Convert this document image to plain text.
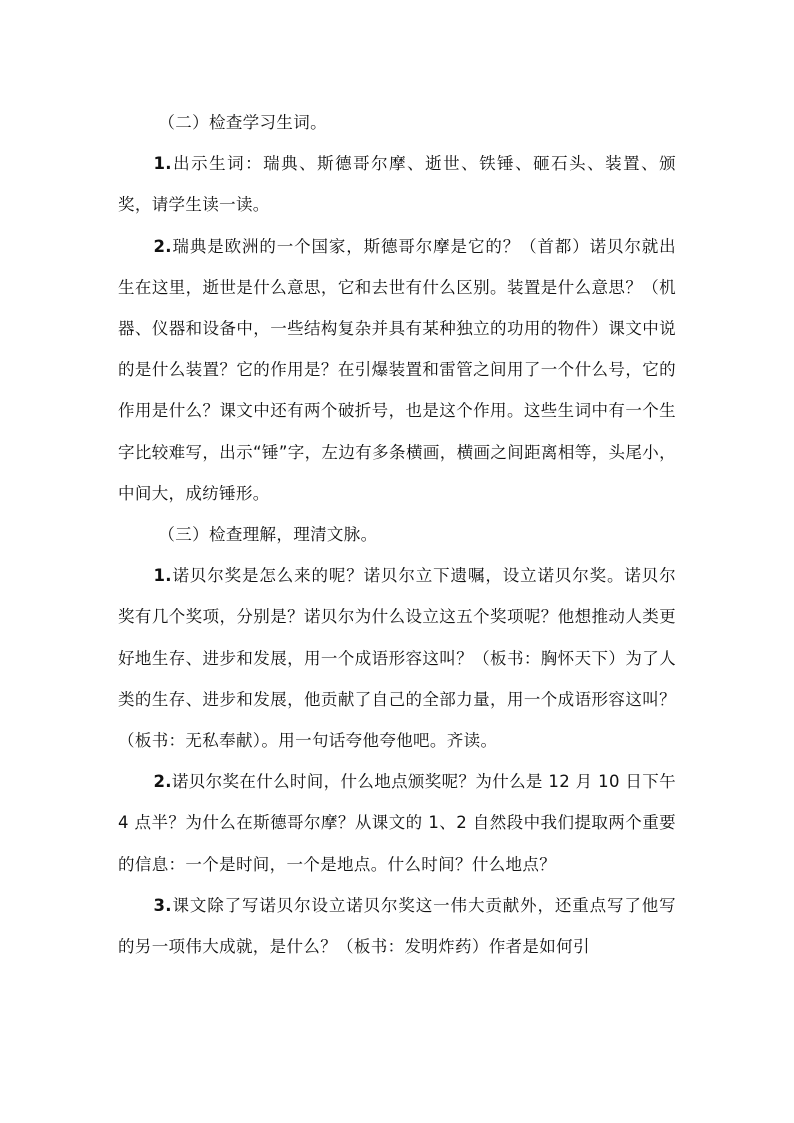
（二）检查学习生词。

1.出示生词：瑞典、斯德哥尔摩、逝世、铁锤、砸石头、装置、颁奖，请学生读一读。

2.瑞典是欧洲的一个国家，斯德哥尔摩是它的？（首都）诺贝尔就出生在这里，逝世是什么意思，它和去世有什么区别。装置是什么意思？（机器、仪器和设备中，一些结构复杂并具有某种独立的功用的物件）课文中说的是什么装置？它的作用是？在引爆装置和雷管之间用了一个什么号，它的作用是什么？课文中还有两个破折号，也是这个作用。这些生词中有一个生字比较难写，出示“锤”字，左边有多条横画，横画之间距离相等，头尾小，中间大，成纺锤形。

（三）检查理解，理清文脉。

1.诺贝尔奖是怎么来的呢？诺贝尔立下遗嘱，设立诺贝尔奖。诺贝尔奖有几个奖项，分别是？诺贝尔为什么设立这五个奖项呢？他想推动人类更好地生存、进步和发展，用一个成语形容这叫？（板书：胸怀天下）为了人类的生存、进步和发展，他贡献了自己的全部力量，用一个成语形容这叫？（板书：无私奉献）。用一句话夸他夸他吧。齐读。

2.诺贝尔奖在什么时间，什么地点颁奖呢？为什么是 12 月 10 日下午 4 点半？为什么在斯德哥尔摩？从课文的 1、2 自然段中我们提取两个重要的信息：一个是时间，一个是地点。什么时间？什么地点？

3.课文除了写诺贝尔设立诺贝尔奖这一伟大贡献外，还重点写了他写的另一项伟大成就，是什么？（板书：发明炸药）作者是如何引
